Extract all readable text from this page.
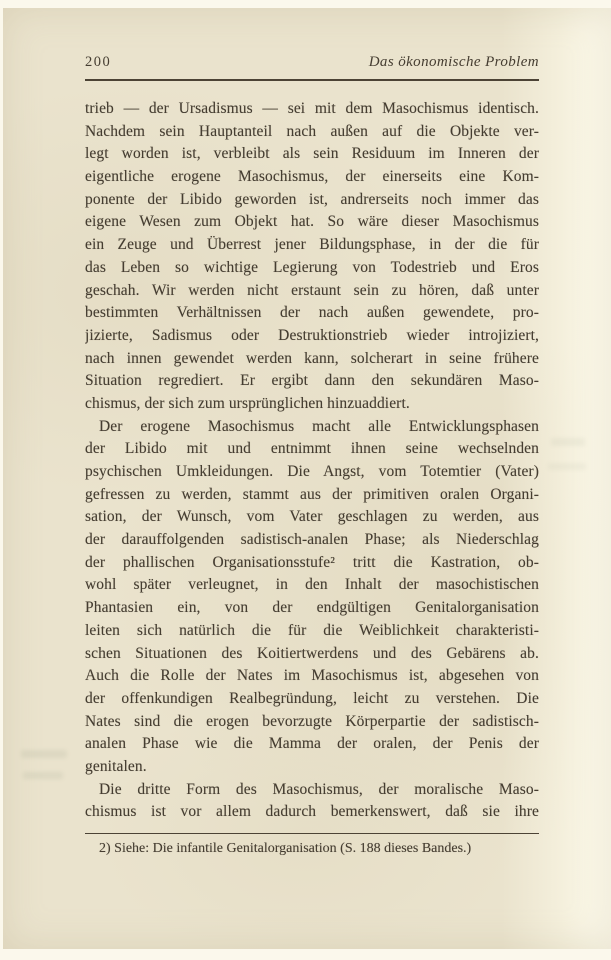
200	Das ökonomische Problem
trieb — der Ursadismus — sei mit dem Masochismus identisch.
Nachdem sein Hauptanteil nach außen auf die Objekte ver-
legt worden ist, verbleibt als sein Residuum im Inneren der
eigentliche erogene Masochismus, der einerseits eine Kom-
ponente der Libido geworden ist, andrerseits noch immer das
eigene Wesen zum Objekt hat. So wäre dieser Masochismus
ein Zeuge und Überrest jener Bildungsphase, in der die für
das Leben so wichtige Legierung von Todestrieb und Eros
geschah. Wir werden nicht erstaunt sein zu hören, daß unter
bestimmten Verhältnissen der nach außen gewendete, pro-
jizierte, Sadismus oder Destruktionstrieb wieder introjiziert,
nach innen gewendet werden kann, solcherart in seine frühere
Situation regrediert. Er ergibt dann den sekundären Maso-
chismus, der sich zum ursprünglichen hinzuaddiert.
Der erogene Masochismus macht alle Entwicklungsphasen
der Libido mit und entnimmt ihnen seine wechselnden
psychischen Umkleidungen. Die Angst, vom Totemtier (Vater)
gefressen zu werden, stammt aus der primitiven oralen Organi-
sation, der Wunsch, vom Vater geschlagen zu werden, aus
der darauffolgenden sadistisch-analen Phase; als Niederschlag
der phallischen Organisationsstufe² tritt die Kastration, ob-
wohl später verleugnet, in den Inhalt der masochistischen
Phantasien ein, von der endgültigen Genitalorganisation
leiten sich natürlich die für die Weiblichkeit charakteristi-
schen Situationen des Koitiertwerdens und des Gebärens ab.
Auch die Rolle der Nates im Masochismus ist, abgesehen von
der offenkundigen Realbegründung, leicht zu verstehen. Die
Nates sind die erogen bevorzugte Körperpartie der sadistisch-
analen Phase wie die Mamma der oralen, der Penis der
genitalen.
Die dritte Form des Masochismus, der moralische Maso-
chismus ist vor allem dadurch bemerkenswert, daß sie ihre

2) Siehe: Die infantile Genitalorganisation (S. 188 dieses Bandes.)
